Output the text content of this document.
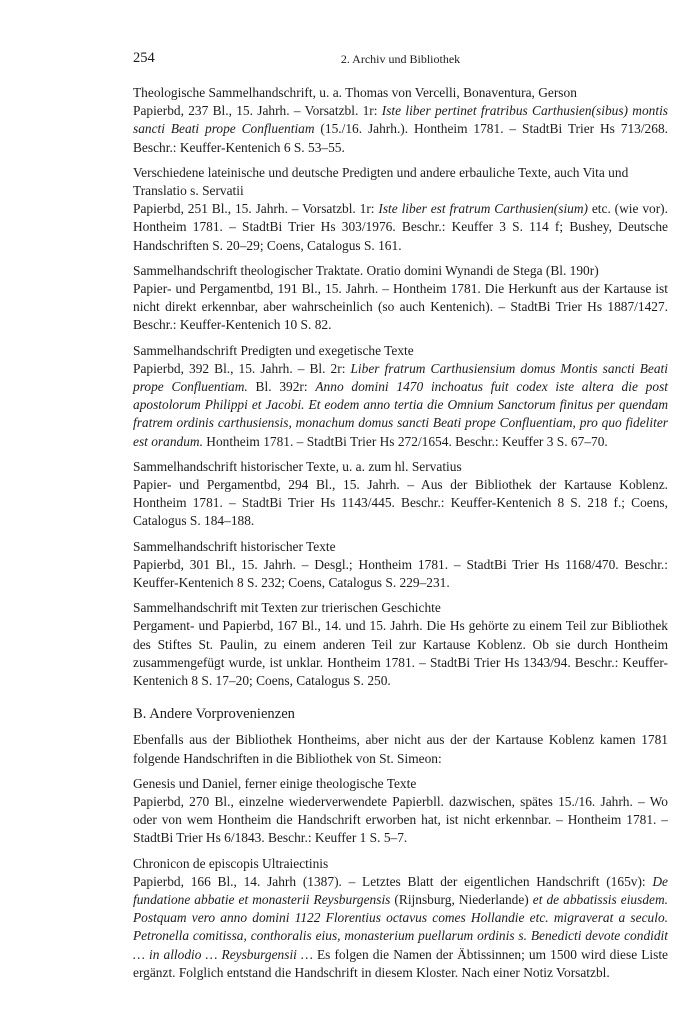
254	2. Archiv und Bibliothek

Theologische Sammelhandschrift, u. a. Thomas von Vercelli, Bonaventura, Gerson

Papierbd, 237 Bl., 15. Jahrh. – Vorsatzbl. 1r: Iste liber pertinet fratribus Carthusien(sibus) montis sancti Beati prope Confluentiam (15./16. Jahrh.). Hontheim 1781. – StadtBi Trier Hs 713/268. Beschr.: Keuffer-Kentenich 6 S. 53–55.

Verschiedene lateinische und deutsche Predigten und andere erbauliche Texte, auch Vita und Translatio s. Servatii

Papierbd, 251 Bl., 15. Jahrh. – Vorsatzbl. 1r: Iste liber est fratrum Carthusien(sium) etc. (wie vor). Hontheim 1781. – StadtBi Trier Hs 303/1976. Beschr.: Keuffer 3 S. 114 f; Bushey, Deutsche Handschriften S. 20–29; Coens, Catalogus S. 161.

Sammelhandschrift theologischer Traktate. Oratio domini Wynandi de Stega (Bl. 190r)

Papier- und Pergamentbd, 191 Bl., 15. Jahrh. – Hontheim 1781. Die Herkunft aus der Kartause ist nicht direkt erkennbar, aber wahrscheinlich (so auch Kentenich). – StadtBi Trier Hs 1887/1427. Beschr.: Keuffer-Kentenich 10 S. 82.

Sammelhandschrift Predigten und exegetische Texte

Papierbd, 392 Bl., 15. Jahrh. – Bl. 2r: Liber fratrum Carthusiensium domus Montis sancti Beati prope Confluentiam. Bl. 392r: Anno domini 1470 inchoatus fuit codex iste altera die post apostolorum Philippi et Jacobi. Et eodem anno tertia die Omnium Sanctorum finitus per quendam fratrem ordinis carthusiensis, monachum domus sancti Beati prope Confluentiam, pro quo fideliter est orandum. Hontheim 1781. – StadtBi Trier Hs 272/1654. Beschr.: Keuffer 3 S. 67–70.

Sammelhandschrift historischer Texte, u. a. zum hl. Servatius

Papier- und Pergamentbd, 294 Bl., 15. Jahrh. – Aus der Bibliothek der Kartause Koblenz. Hontheim 1781. – StadtBi Trier Hs 1143/445. Beschr.: Keuffer-Kentenich 8 S. 218 f.; Coens, Catalogus S. 184–188.

Sammelhandschrift historischer Texte

Papierbd, 301 Bl., 15. Jahrh. – Desgl.; Hontheim 1781. – StadtBi Trier Hs 1168/470. Beschr.: Keuffer-Kentenich 8 S. 232; Coens, Catalogus S. 229–231.

Sammelhandschrift mit Texten zur trierischen Geschichte

Pergament- und Papierbd, 167 Bl., 14. und 15. Jahrh. Die Hs gehörte zu einem Teil zur Bibliothek des Stiftes St. Paulin, zu einem anderen Teil zur Kartause Koblenz. Ob sie durch Hontheim zusammengefügt wurde, ist unklar. Hontheim 1781. – StadtBi Trier Hs 1343/94. Beschr.: Keuffer-Kentenich 8 S. 17–20; Coens, Catalogus S. 250.

B. Andere Vorprovenienzen

Ebenfalls aus der Bibliothek Hontheims, aber nicht aus der der Kartause Koblenz kamen 1781 folgende Handschriften in die Bibliothek von St. Simeon:

Genesis und Daniel, ferner einige theologische Texte

Papierbd, 270 Bl., einzelne wiederverwendete Papierbll. dazwischen, spätes 15./16. Jahrh. – Wo oder von wem Hontheim die Handschrift erworben hat, ist nicht erkennbar. – Hontheim 1781. – StadtBi Trier Hs 6/1843. Beschr.: Keuffer 1 S. 5–7.

Chronicon de episcopis Ultraiectinis

Papierbd, 166 Bl., 14. Jahrh (1387). – Letztes Blatt der eigentlichen Handschrift (165v): De fundatione abbatie et monasterii Reysburgensis (Rijnsburg, Niederlande) et de abbatissis eiusdem. Postquam vero anno domini 1122 Florentius octavus comes Hollandie etc. migraverat a seculo. Petronella comitissa, conthoralis eius, monasterium puellarum ordinis s. Benedicti devote condidit … in allodio … Reysburgensii … Es folgen die Namen der Äbtissinnen; um 1500 wird diese Liste ergänzt. Folglich entstand die Handschrift in diesem Kloster. Nach einer Notiz Vorsatzbl.
